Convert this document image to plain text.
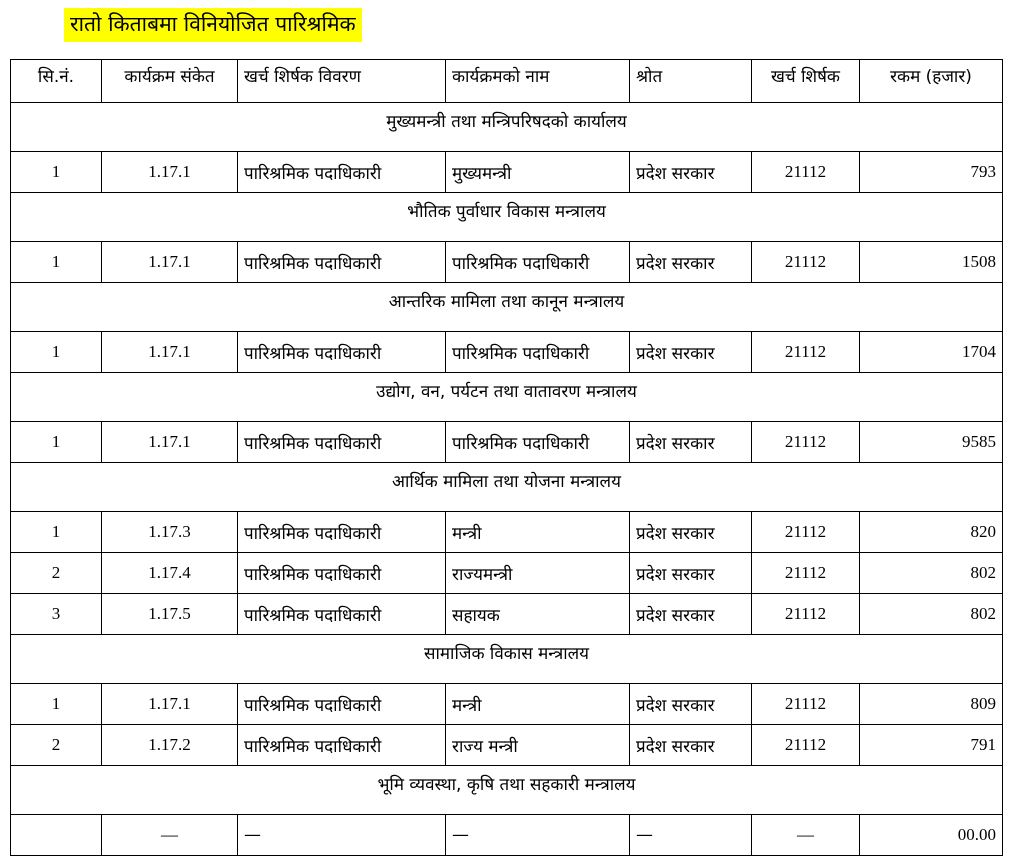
रातो किताबमा विनियोजित पारिश्रमिक
सि.नं.	कार्यक्रम संकेत	खर्च शिर्षक विवरण	कार्यक्रमको नाम	श्रोत	खर्च शिर्षक	रकम (हजार)
मुख्यमन्त्री तथा मन्त्रिपरिषदको कार्यालय						
1	1.17.1	पारिश्रमिक पदाधिकारी	मुख्यमन्त्री	प्रदेश सरकार	21112	793
भौतिक पुर्वाधार विकास मन्त्रालय						
1	1.17.1	पारिश्रमिक पदाधिकारी	पारिश्रमिक पदाधिकारी	प्रदेश सरकार	21112	1508
आन्तरिक मामिला तथा कानून मन्त्रालय						
1	1.17.1	पारिश्रमिक पदाधिकारी	पारिश्रमिक पदाधिकारी	प्रदेश सरकार	21112	1704
उद्योग, वन, पर्यटन तथा वातावरण मन्त्रालय						
1	1.17.1	पारिश्रमिक पदाधिकारी	पारिश्रमिक पदाधिकारी	प्रदेश सरकार	21112	9585
आर्थिक मामिला तथा योजना मन्त्रालय						
1	1.17.3	पारिश्रमिक पदाधिकारी	मन्त्री	प्रदेश सरकार	21112	820
2	1.17.4	पारिश्रमिक पदाधिकारी	राज्यमन्त्री	प्रदेश सरकार	21112	802
3	1.17.5	पारिश्रमिक पदाधिकारी	सहायक	प्रदेश सरकार	21112	802
सामाजिक विकास मन्त्रालय						
1	1.17.1	पारिश्रमिक पदाधिकारी	मन्त्री	प्रदेश सरकार	21112	809
2	1.17.2	पारिश्रमिक पदाधिकारी	राज्य मन्त्री	प्रदेश सरकार	21112	791
भूमि व्यवस्था, कृषि तथा सहकारी मन्त्रालय						
	—	—	—	—	—	00.00
